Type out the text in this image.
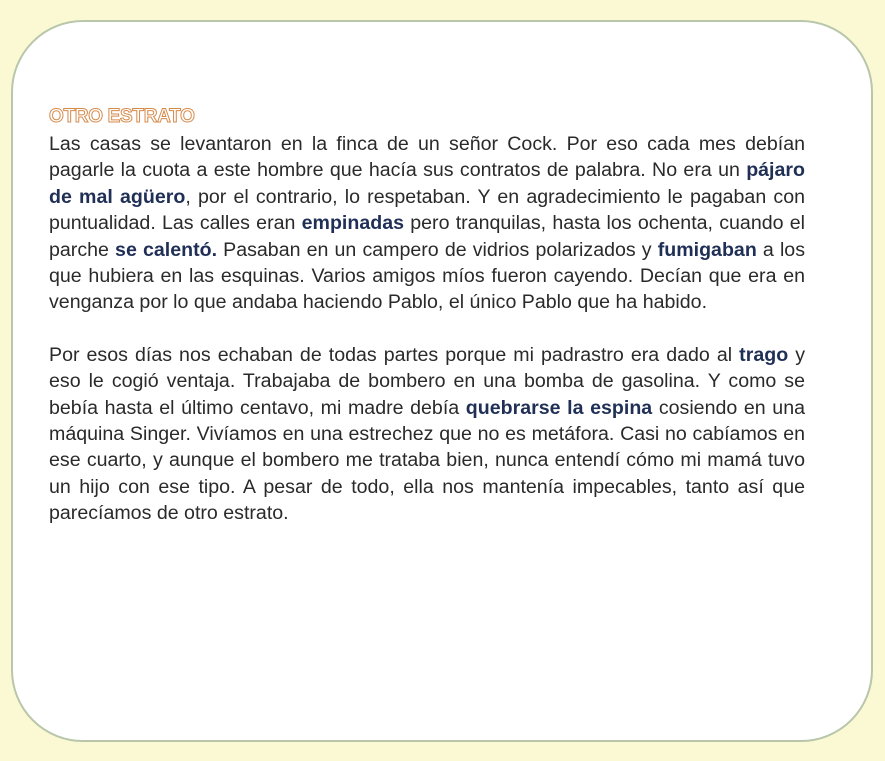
OTRO ESTRATO

Las casas se levantaron en la finca de un señor Cock. Por eso cada mes debían pagarle la cuota a este hombre que hacía sus contratos de palabra. No era un pájaro de mal agüero, por el contrario, lo respetaban. Y en agradecimiento le pagaban con puntualidad. Las calles eran empinadas pero tranquilas, hasta los ochenta, cuando el parche se calentó. Pasaban en un campero de vidrios polarizados y fumigaban a los que hubiera en las esquinas. Varios amigos míos fueron cayendo. Decían que era en venganza por lo que andaba haciendo Pablo, el único Pablo que ha habido.

Por esos días nos echaban de todas partes porque mi padrastro era dado al trago y eso le cogió ventaja. Trabajaba de bombero en una bomba de gasolina. Y como se bebía hasta el último centavo, mi madre debía quebrarse la espina cosiendo en una máquina Singer. Vivíamos en una estrechez que no es metáfora. Casi no cabíamos en ese cuarto, y aunque el bombero me trataba bien, nunca entendí cómo mi mamá tuvo un hijo con ese tipo. A pesar de todo, ella nos mantenía impecables, tanto así que parecíamos de otro estrato.
